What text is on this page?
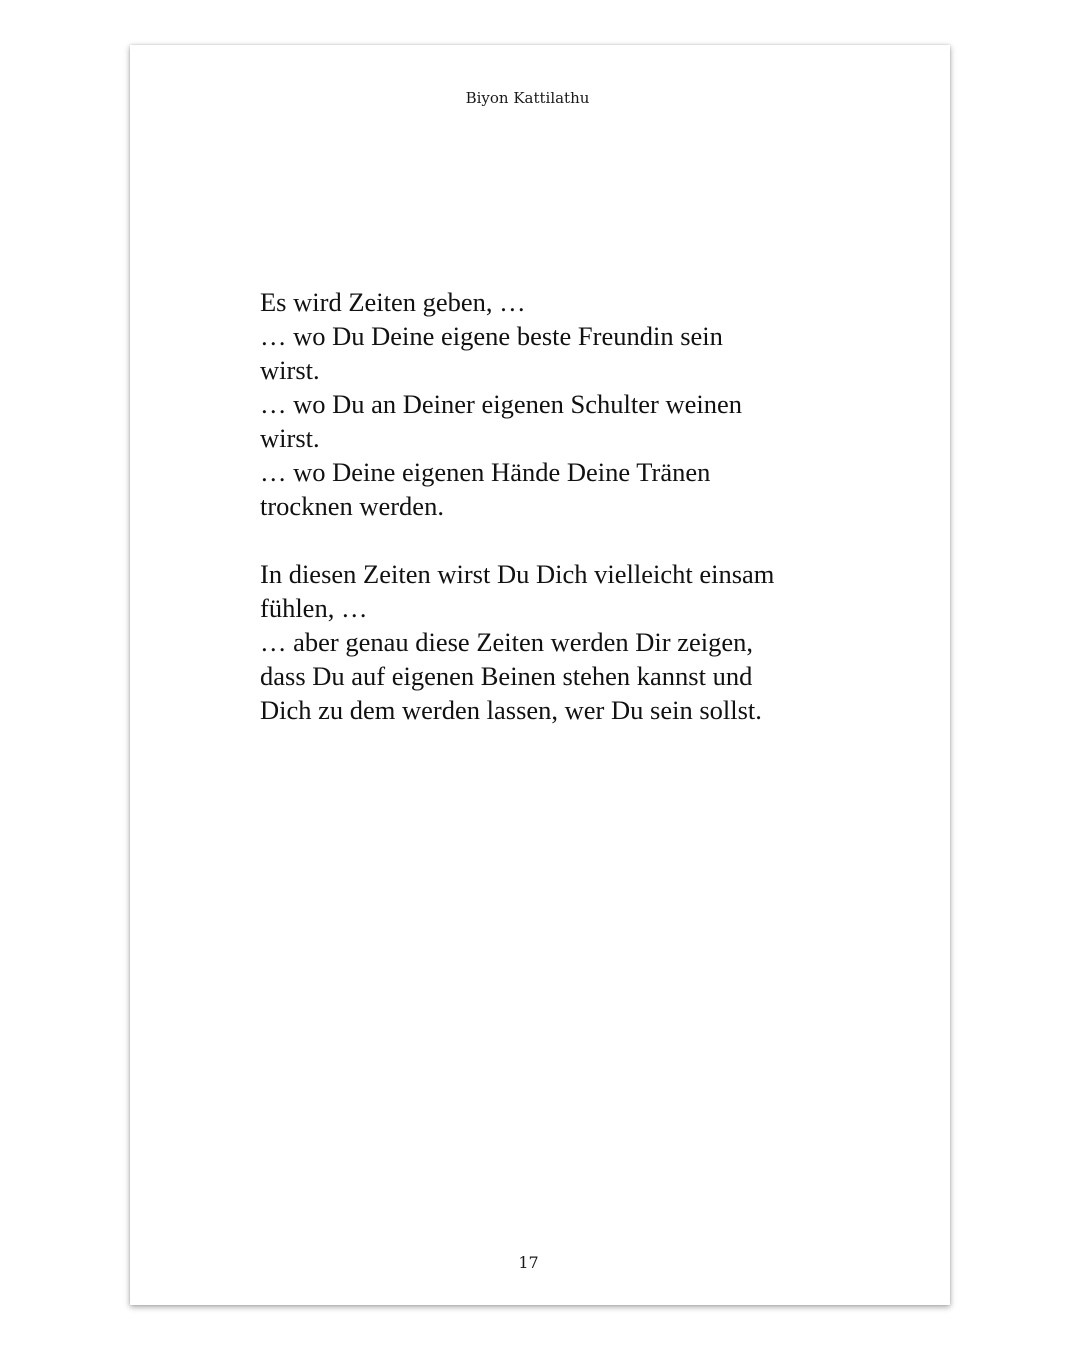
Biyon Kattilathu
Es wird Zeiten geben, …
… wo Du Deine eigene beste Freundin sein
wirst.
… wo Du an Deiner eigenen Schulter weinen
wirst.
… wo Deine eigenen Hände Deine Tränen
trocknen werden.
In diesen Zeiten wirst Du Dich vielleicht einsam
fühlen, …
… aber genau diese Zeiten werden Dir zeigen,
dass Du auf eigenen Beinen stehen kannst und
Dich zu dem werden lassen, wer Du sein sollst.
17
